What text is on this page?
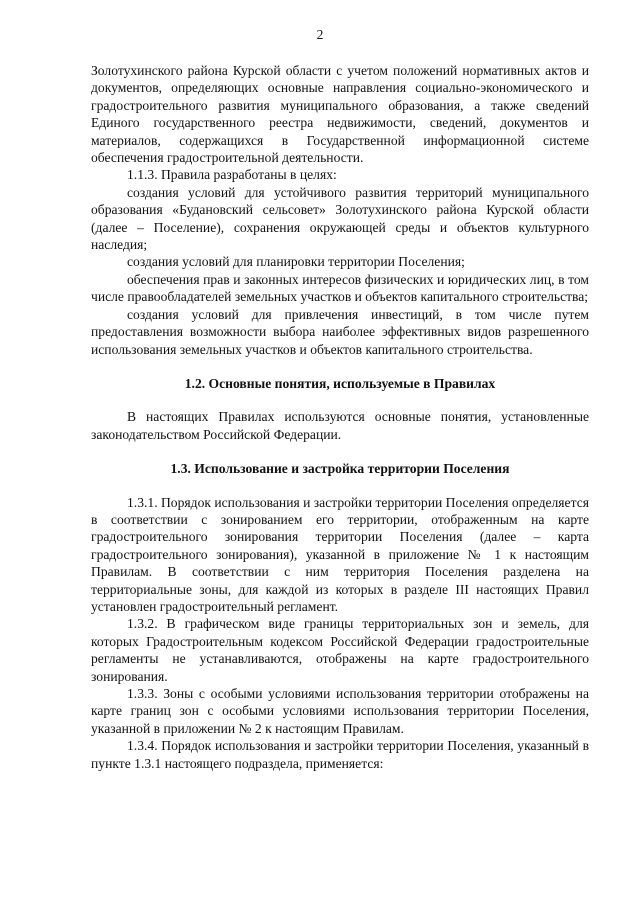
2

Золотухинского района Курской области с учетом положений нормативных актов и документов, определяющих основные направления социально-экономического и градостроительного развития муниципального образования, а также сведений Единого государственного реестра недвижимости, сведений, документов и материалов, содержащихся в Государственной информационной системе обеспечения градостроительной деятельности.

1.1.3. Правила разработаны в целях:

создания условий для устойчивого развития территорий муниципального образования «Будановский сельсовет» Золотухинского района Курской области (далее – Поселение), сохранения окружающей среды и объектов культурного наследия;

создания условий для планировки территории Поселения;

обеспечения прав и законных интересов физических и юридических лиц, в том числе правообладателей земельных участков и объектов капитального строительства;

создания условий для привлечения инвестиций, в том числе путем предоставления возможности выбора наиболее эффективных видов разрешенного использования земельных участков и объектов капитального строительства.

1.2. Основные понятия, используемые в Правилах

В настоящих Правилах используются основные понятия, установленные законодательством Российской Федерации.

1.3. Использование и застройка территории Поселения

1.3.1. Порядок использования и застройки территории Поселения определяется в соответствии с зонированием его территории, отображенным на карте градостроительного зонирования территории Поселения (далее – карта градостроительного зонирования), указанной в приложение № 1 к настоящим Правилам. В соответствии с ним территория Поселения разделена на территориальные зоны, для каждой из которых в разделе III настоящих Правил установлен градостроительный регламент.

1.3.2. В графическом виде границы территориальных зон и земель, для которых Градостроительным кодексом Российской Федерации градостроительные регламенты не устанавливаются, отображены на карте градостроительного зонирования.

1.3.3. Зоны с особыми условиями использования территории отображены на карте границ зон с особыми условиями использования территории Поселения, указанной в приложении № 2 к настоящим Правилам.

1.3.4. Порядок использования и застройки территории Поселения, указанный в пункте 1.3.1 настоящего подраздела, применяется:
